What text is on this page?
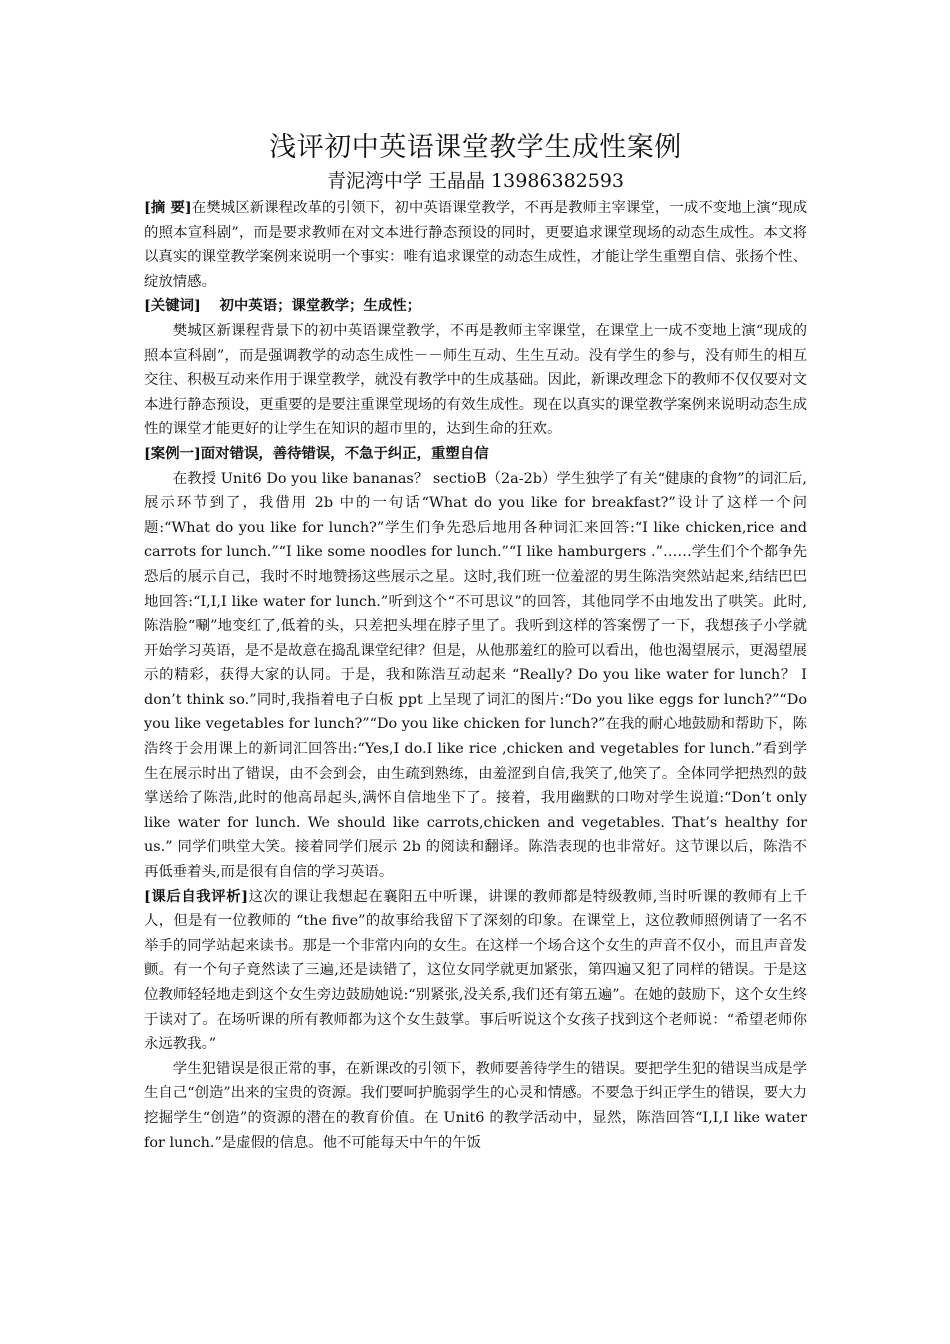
浅评初中英语课堂教学生成性案例
青泥湾中学 王晶晶 13986382593

[摘 要]在樊城区新课程改革的引领下，初中英语课堂教学，不再是教师主宰课堂，一成不变地上演“现成的照本宣科剧”，而是要求教师在对文本进行静态预设的同时，更要追求课堂现场的动态生成性。本文将以真实的课堂教学案例来说明一个事实：唯有追求课堂的动态生成性，才能让学生重塑自信、张扬个性、绽放情感。

[关键词] 初中英语；课堂教学；生成性；

樊城区新课程背景下的初中英语课堂教学，不再是教师主宰课堂，在课堂上一成不变地上演“现成的照本宣科剧”，而是强调教学的动态生成性－－师生互动、生生互动。没有学生的参与，没有师生的相互交往、积极互动来作用于课堂教学，就没有教学中的生成基础。因此，新课改理念下的教师不仅仅要对文本进行静态预设，更重要的是要注重课堂现场的有效生成性。现在以真实的课堂教学案例来说明动态生成性的课堂才能更好的让学生在知识的超市里的，达到生命的狂欢。

[案例一]面对错误，善待错误，不急于纠正，重塑自信

在教授 Unit6 Do you like bananas？ sectioB（2a-2b）学生独学了有关“健康的食物”的词汇后,展示环节到了，我借用 2b 中的一句话“What do you like for breakfast?”设计了这样一个问题:“What do you like for lunch?”学生们争先恐后地用各种词汇来回答:“I like chicken,rice and carrots for lunch.”“I like some noodles for lunch.”“I like hamburgers .”……学生们个个都争先恐后的展示自己，我时不时地赞扬这些展示之星。这时,我们班一位羞涩的男生陈浩突然站起来,结结巴巴地回答:“I,I,I like water for lunch.”听到这个“不可思议”的回答，其他同学不由地发出了哄笑。此时,陈浩脸“唰”地变红了,低着的头，只差把头埋在脖子里了。我听到这样的答案愣了一下，我想孩子小学就开始学习英语，是不是故意在捣乱课堂纪律？但是，从他那羞红的脸可以看出，他也渴望展示，更渴望展示的精彩，获得大家的认同。于是，我和陈浩互动起来 “Really? Do you like water for lunch？ I don’t think so.”同时,我指着电子白板 ppt 上呈现了词汇的图片:“Do you like eggs for lunch?”“Do you like vegetables for lunch?”“Do you like chicken for lunch?”在我的耐心地鼓励和帮助下，陈浩终于会用课上的新词汇回答出:“Yes,I do.I like rice ,chicken and vegetables for lunch.”看到学生在展示时出了错误，由不会到会，由生疏到熟练，由羞涩到自信,我笑了,他笑了。全体同学把热烈的鼓掌送给了陈浩,此时的他高昂起头,满怀自信地坐下了。接着，我用幽默的口吻对学生说道:“Don’t only like water for lunch. We should like carrots,chicken and vegetables. That’s healthy for us.” 同学们哄堂大笑。接着同学们展示 2b 的阅读和翻译。陈浩表现的也非常好。这节课以后，陈浩不再低垂着头,而是很有自信的学习英语。

[课后自我评析]这次的课让我想起在襄阳五中听课，讲课的教师都是特级教师,当时听课的教师有上千人，但是有一位教师的 “the five”的故事给我留下了深刻的印象。在课堂上，这位教师照例请了一名不举手的同学站起来读书。那是一个非常内向的女生。在这样一个场合这个女生的声音不仅小，而且声音发颤。有一个句子竟然读了三遍,还是读错了，这位女同学就更加紧张，第四遍又犯了同样的错误。于是这位教师轻轻地走到这个女生旁边鼓励她说:“别紧张,没关系,我们还有第五遍”。在她的鼓励下，这个女生终于读对了。在场听课的所有教师都为这个女生鼓掌。事后听说这个女孩子找到这个老师说：“希望老师你永远教我。”

学生犯错误是很正常的事，在新课改的引领下，教师要善待学生的错误。要把学生犯的错误当成是学生自己“创造”出来的宝贵的资源。我们要呵护脆弱学生的心灵和情感。不要急于纠正学生的错误，要大力挖掘学生“创造”的资源的潜在的教育价值。在 Unit6 的教学活动中，显然，陈浩回答“I,I,I like water for lunch.”是虚假的信息。他不可能每天中午的午饭
